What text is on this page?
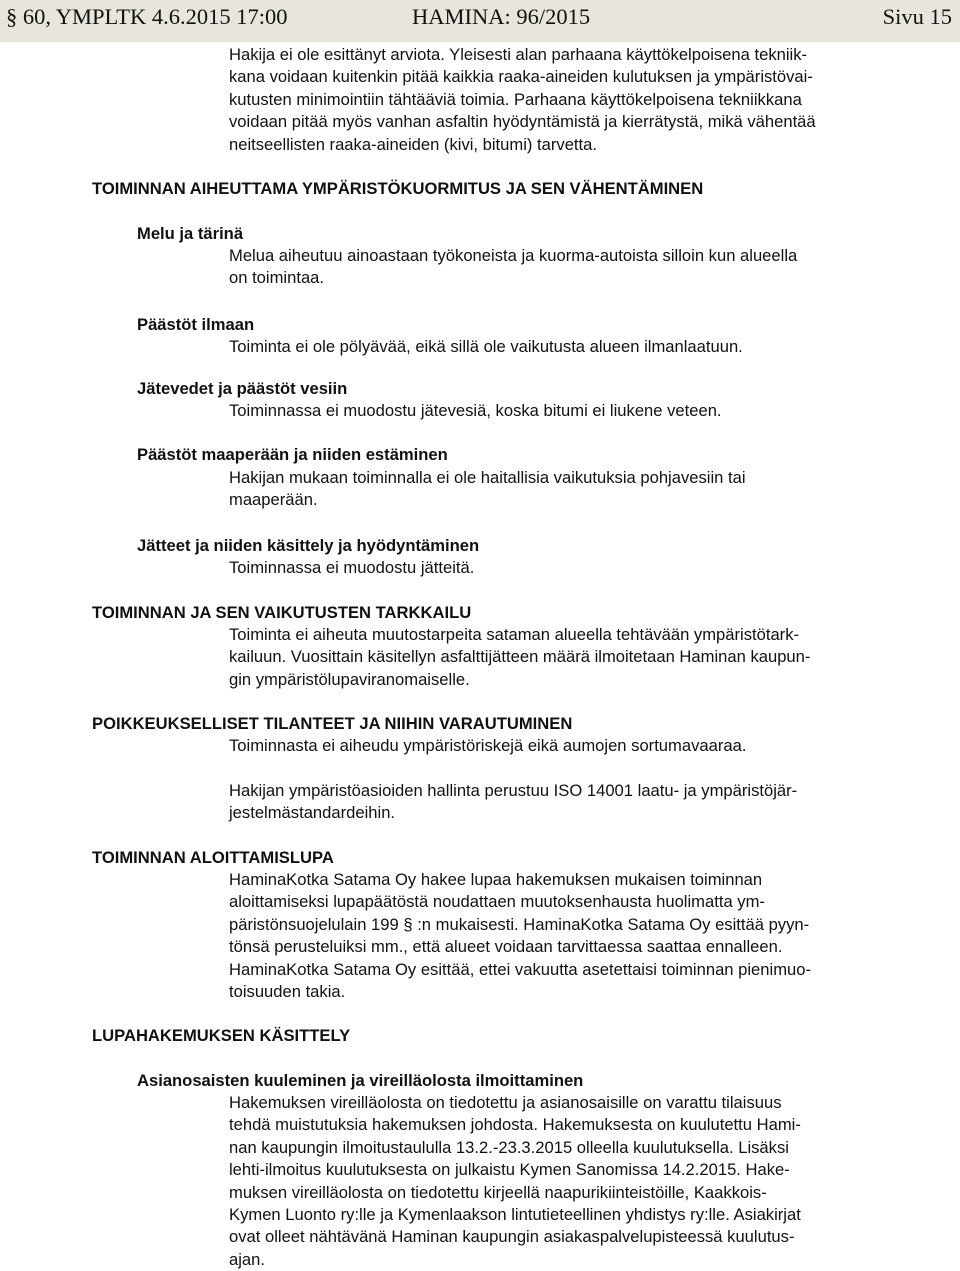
§ 60, YMPLTK 4.6.2015 17:00	HAMINA: 96/2015	Sivu 15

Hakija ei ole esittänyt arviota. Yleisesti alan parhaana käyttökelpoisena tekniik-

kana voidaan kuitenkin pitää kaikkia raaka-aineiden kulutuksen ja ympäristövai-

kutusten minimointiin tähtääviä toimia. Parhaana käyttökelpoisena tekniikkana

voidaan pitää myös vanhan asfaltin hyödyntämistä ja kierrätystä, mikä vähentää

neitseellisten raaka-aineiden (kivi, bitumi) tarvetta.

TOIMINNAN AIHEUTTAMA YMPÄRISTÖKUORMITUS JA SEN VÄHENTÄMINEN
Melu ja tärinä

Melua aiheutuu ainoastaan työkoneista ja kuorma-autoista silloin kun alueella

on toimintaa.

Päästöt ilmaan

Toiminta ei ole pölyävää, eikä sillä ole vaikutusta alueen ilmanlaatuun.

Jätevedet ja päästöt vesiin

Toiminnassa ei muodostu jätevesiä, koska bitumi ei liukene veteen.

Päästöt maaperään ja niiden estäminen

Hakijan mukaan toiminnalla ei ole haitallisia vaikutuksia pohjavesiin tai

maaperään.

Jätteet ja niiden käsittely ja hyödyntäminen

Toiminnassa ei muodostu jätteitä.

TOIMINNAN JA SEN VAIKUTUSTEN TARKKAILU

Toiminta ei aiheuta muutostarpeita sataman alueella tehtävään ympäristötark-

kailuun. Vuosittain käsitellyn asfalttijätteen määrä ilmoitetaan Haminan kaupun-

gin ympäristölupaviranomaiselle.

POIKKEUKSELLISET TILANTEET JA NIIHIN VARAUTUMINEN

Toiminnasta ei aiheudu ympäristöriskejä eikä aumojen sortumavaaraa.

Hakijan ympäristöasioiden hallinta perustuu ISO 14001 laatu- ja ympäristöjär-

jestelmästandardeihin.

TOIMINNAN ALOITTAMISLUPA

HaminaKotka Satama Oy hakee lupaa hakemuksen mukaisen toiminnan

aloittamiseksi lupapäätöstä noudattaen muutoksenhausta huolimatta ym-

päristönsuojelulain 199 § :n mukaisesti. HaminaKotka Satama Oy esittää pyyn-

tönsä perusteluiksi mm., että alueet voidaan tarvittaessa saattaa ennalleen.

HaminaKotka Satama Oy esittää, ettei vakuutta asetettaisi toiminnan pienimuo-

toisuuden takia.

LUPAHAKEMUKSEN KÄSITTELY
Asianosaisten kuuleminen ja vireilläolosta ilmoittaminen

Hakemuksen vireilläolosta on tiedotettu ja asianosaisille on varattu tilaisuus

tehdä muistutuksia hakemuksen johdosta. Hakemuksesta on kuulutettu Hami-

nan kaupungin ilmoitustaululla 13.2.-23.3.2015 olleella kuulutuksella. Lisäksi

lehti-ilmoitus kuulutuksesta on julkaistu Kymen Sanomissa 14.2.2015. Hake-

muksen vireilläolosta on tiedotettu kirjeellä naapurikiinteistöille, Kaakkois-

Kymen Luonto ry:lle ja Kymenlaakson lintutieteellinen yhdistys ry:lle. Asiakirjat

ovat olleet nähtävänä Haminan kaupungin asiakaspalvelupisteessä kuulutus-

ajan.
